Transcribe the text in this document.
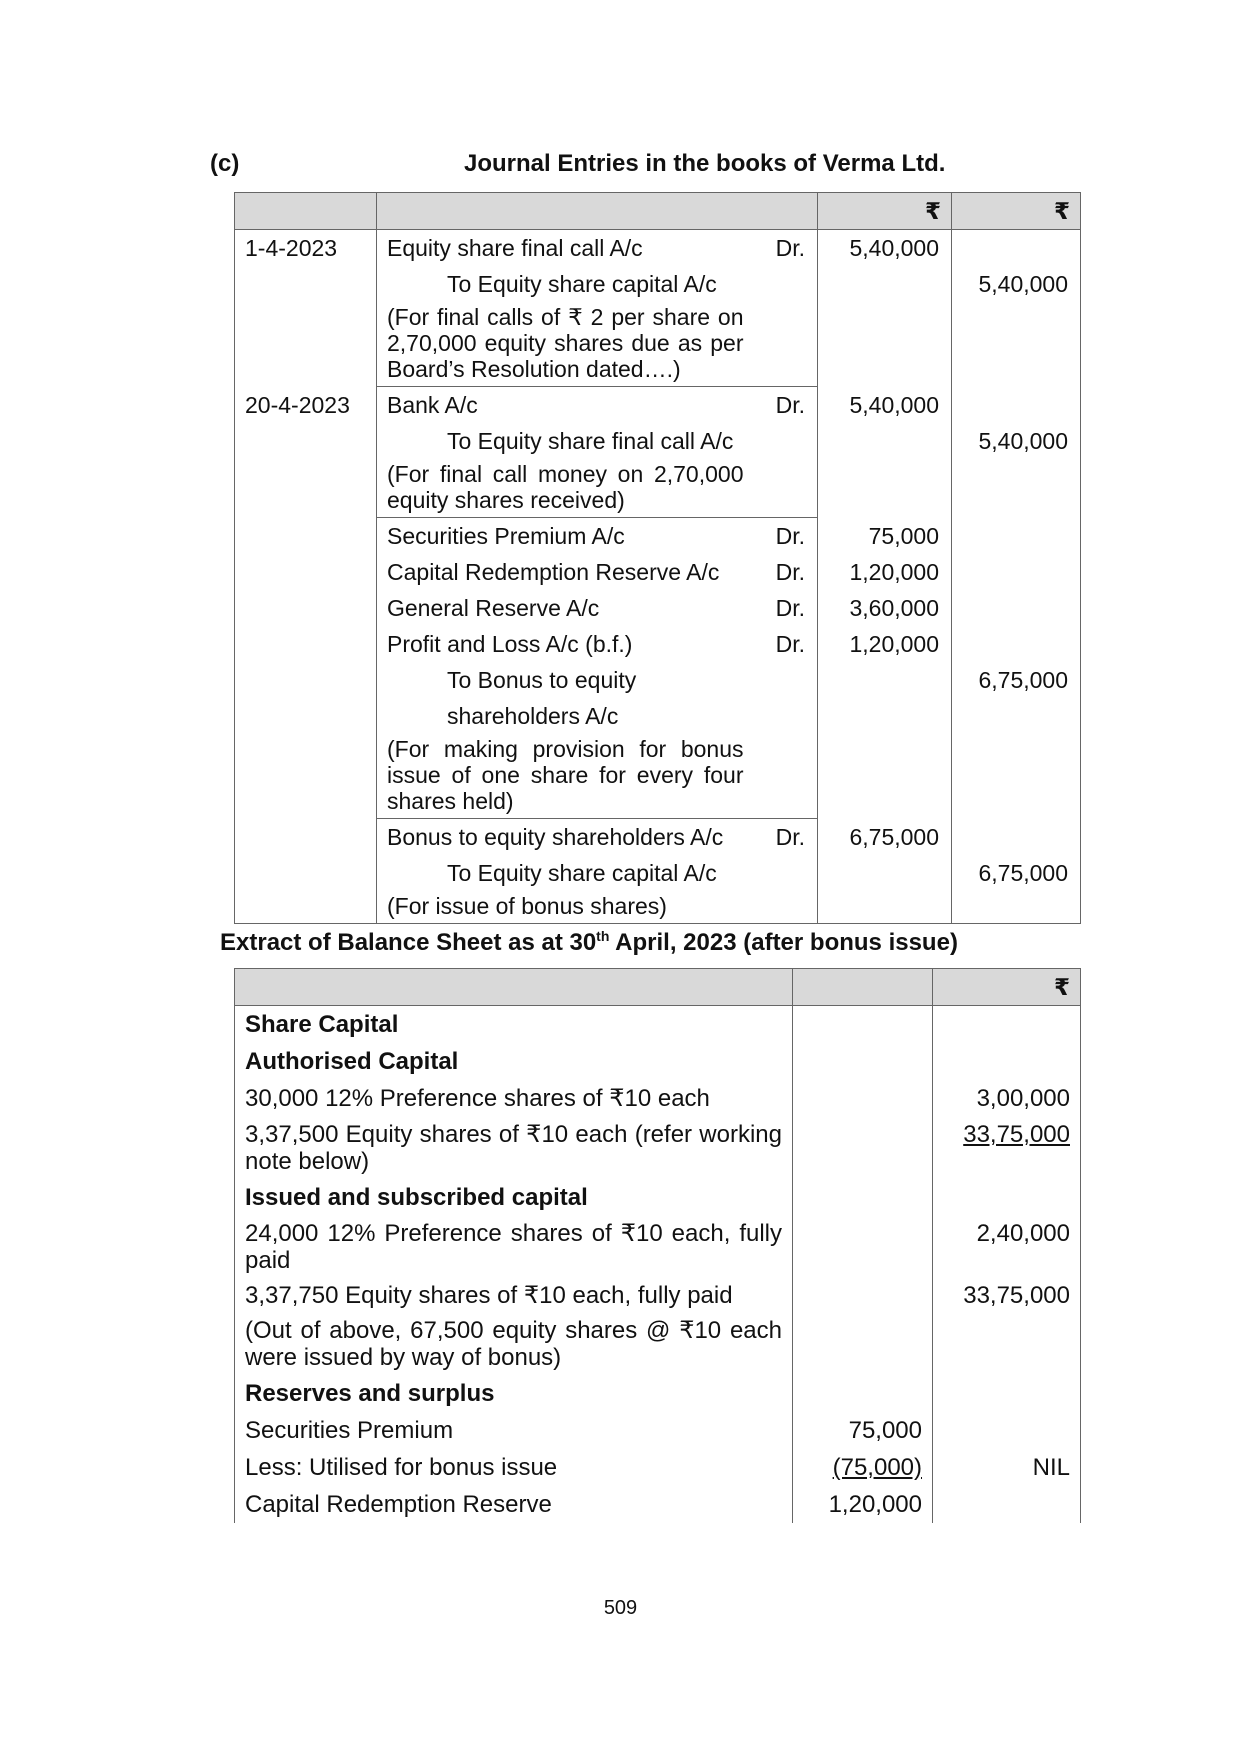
(c)	Journal Entries in the books of Verma Ltd.
			₹	₹
1-4-2023	Equity share final call A/c	Dr.	5,40,000	
	To Equity share capital A/c			5,40,000
	(For final calls of ₹ 2 per share on 2,70,000 equity shares due as per Board’s Resolution dated….)			
20-4-2023	Bank A/c	Dr.	5,40,000	
	To Equity share final call A/c			5,40,000
	(For final call money on 2,70,000 equity shares received)			
	Securities Premium A/c	Dr.	75,000	
	Capital Redemption Reserve A/c	Dr.	1,20,000	
	General Reserve A/c	Dr.	3,60,000	
	Profit and Loss A/c (b.f.)	Dr.	1,20,000	
	To Bonus to equity shareholders A/c			6,75,000
	(For making provision for bonus issue of one share for every four shares held)			
	Bonus to equity shareholders A/c	Dr.	6,75,000	
	To Equity share capital A/c			6,75,000
	(For issue of bonus shares)			
Extract of Balance Sheet as at 30th April, 2023 (after bonus issue)
		₹
Share Capital		
Authorised Capital		
30,000 12% Preference shares of ₹10 each		3,00,000
3,37,500 Equity shares of ₹10 each (refer working note below)		33,75,000
Issued and subscribed capital		
24,000 12% Preference shares of ₹10 each, fully paid		2,40,000
3,37,750 Equity shares of ₹10 each, fully paid		33,75,000
(Out of above, 67,500 equity shares @ ₹10 each were issued by way of bonus)		
Reserves and surplus		
Securities Premium	75,000	
Less: Utilised for bonus issue	(75,000)	NIL
Capital Redemption Reserve	1,20,000	
509
